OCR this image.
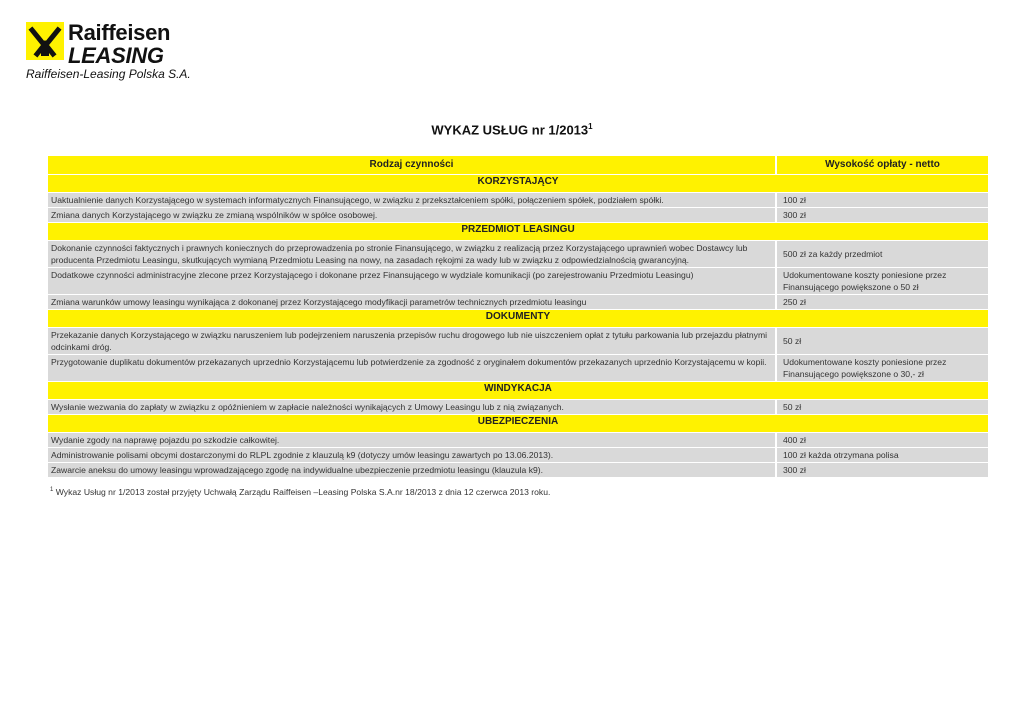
Raiffeisen
LEASING
Raiffeisen-Leasing Polska S.A.
WYKAZ USŁUG nr 1/2013$^1$
Rodzaj czynności	Wysokość opłaty - netto
KORZYSTAJĄCY	
Uaktualnienie danych Korzystającego w systemach informatycznych Finansującego, w związku z przekształceniem spółki, połączeniem spółek, podziałem spółki.	100 zł
Zmiana danych Korzystającego w związku ze zmianą wspólników w spółce osobowej.	300 zł
PRZEDMIOT LEASINGU	
Dokonanie czynności faktycznych i prawnych koniecznych do przeprowadzenia po stronie Finansującego, w związku z realizacją przez Korzystającego uprawnień wobec Dostawcy lub producenta Przedmiotu Leasingu, skutkujących wymianą Przedmiotu Leasing na nowy, na zasadach rękojmi za wady lub w związku z odpowiedzialnością gwarancyjną.	500 zł za każdy przedmiot
Dodatkowe czynności administracyjne zlecone przez Korzystającego i dokonane przez Finansującego w wydziale komunikacji (po zarejestrowaniu Przedmiotu Leasingu)	Udokumentowane koszty poniesione przez Finansującego powiększone o 50 zł
Zmiana warunków umowy leasingu wynikająca z dokonanej przez Korzystającego modyfikacji parametrów technicznych przedmiotu leasingu	250 zł
DOKUMENTY	
Przekazanie danych Korzystającego w związku naruszeniem lub podejrzeniem naruszenia przepisów ruchu drogowego lub nie uiszczeniem opłat z tytułu parkowania lub przejazdu płatnymi odcinkami dróg.	50 zł
Przygotowanie duplikatu dokumentów przekazanych uprzednio Korzystającemu lub potwierdzenie za zgodność z oryginałem dokumentów przekazanych uprzednio Korzystającemu w kopii.	Udokumentowane koszty poniesione przez Finansującego powiększone o 30,- zł
WINDYKACJA	
Wysłanie wezwania do zapłaty w związku z opóźnieniem w zapłacie należności wynikających z Umowy Leasingu lub z nią związanych.	50 zł
UBEZPIECZENIA	
Wydanie zgody na naprawę pojazdu po szkodzie całkowitej.	400 zł
Administrowanie polisami obcymi dostarczonymi do RLPL zgodnie z klauzulą k9 (dotyczy umów leasingu zawartych po 13.06.2013).	100 zł każda otrzymana polisa
Zawarcie aneksu do umowy leasingu wprowadzającego zgodę na indywidualne ubezpieczenie przedmiotu leasingu (klauzula k9).	300 zł
$^1$ Wykaz Usług nr 1/2013 został przyjęty Uchwałą Zarządu Raiffeisen –Leasing Polska S.A.nr 18/2013 z dnia 12 czerwca 2013 roku.
